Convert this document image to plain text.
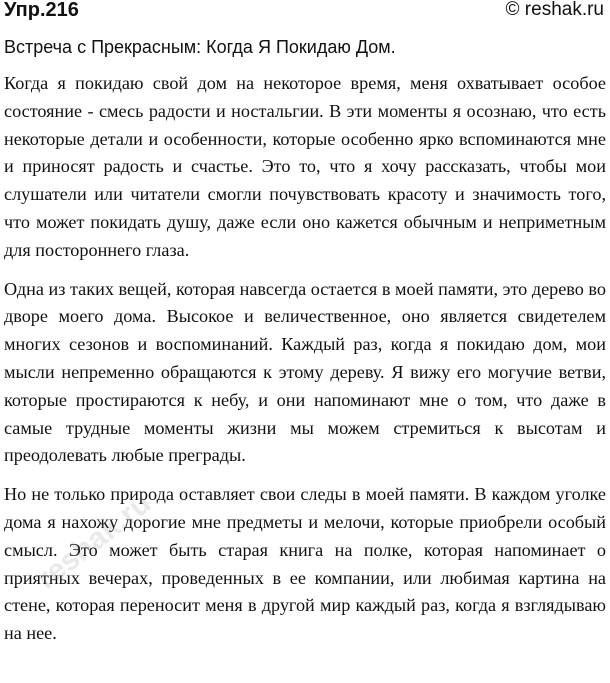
Упр.216	© reshak.ru
Встреча с Прекрасным: Когда Я Покидаю Дом.

Когда я покидаю свой дом на некоторое время, меня охватывает особое состояние - смесь радости и ностальгии. В эти моменты я осознаю, что есть некоторые детали и особенности, которые особенно ярко вспоминаются мне и приносят радость и счастье. Это то, что я хочу рассказать, чтобы мои слушатели или читатели смогли почувствовать красоту и значимость того, что может покидать душу, даже если оно кажется обычным и неприметным для постороннего глаза.

Одна из таких вещей, которая навсегда остается в моей памяти, это дерево во дворе моего дома. Высокое и величественное, оно является свидетелем многих сезонов и воспоминаний. Каждый раз, когда я покидаю дом, мои мысли непременно обращаются к этому дереву. Я вижу его могучие ветви, которые простираются к небу, и они напоминают мне о том, что даже в самые трудные моменты жизни мы можем стремиться к высотам и преодолевать любые преграды.

Но не только природа оставляет свои следы в моей памяти. В каждом уголке дома я нахожу дорогие мне предметы и мелочи, которые приобрели особый смысл. Это может быть старая книга на полке, которая напоминает о приятных вечерах, проведенных в ее компании, или любимая картина на стене, которая переносит меня в другой мир каждый раз, когда я взглядываю на нее.

reshak.ru
